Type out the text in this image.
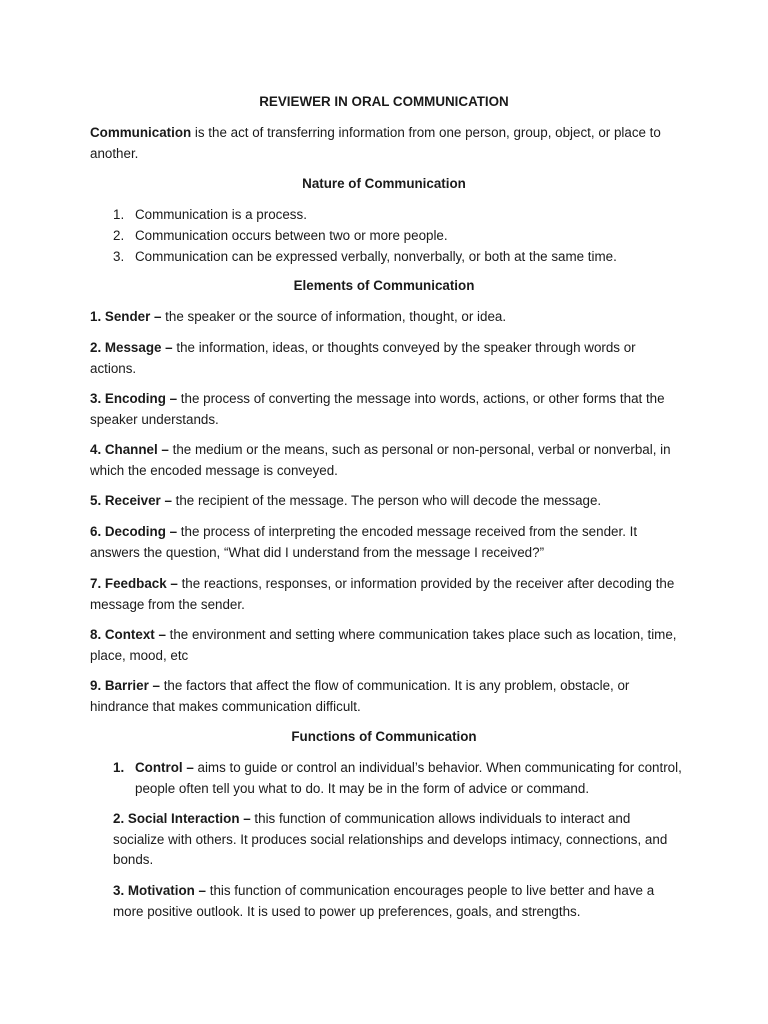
REVIEWER IN ORAL COMMUNICATION
Communication is the act of transferring information from one person, group, object, or place to another.
Nature of Communication
1. Communication is a process.
2. Communication occurs between two or more people.
3. Communication can be expressed verbally, nonverbally, or both at the same time.
Elements of Communication
1. Sender – the speaker or the source of information, thought, or idea.
2. Message – the information, ideas, or thoughts conveyed by the speaker through words or actions.
3. Encoding – the process of converting the message into words, actions, or other forms that the speaker understands.
4. Channel – the medium or the means, such as personal or non-personal, verbal or nonverbal, in which the encoded message is conveyed.
5. Receiver – the recipient of the message. The person who will decode the message.
6. Decoding – the process of interpreting the encoded message received from the sender. It answers the question, “What did I understand from the message I received?”
7. Feedback – the reactions, responses, or information provided by the receiver after decoding the message from the sender.
8. Context – the environment and setting where communication takes place such as location, time, place, mood, etc
9. Barrier – the factors that affect the flow of communication. It is any problem, obstacle, or hindrance that makes communication difficult.
Functions of Communication
1. Control – aims to guide or control an individual’s behavior. When communicating for control, people often tell you what to do. It may be in the form of advice or command.
2. Social Interaction – this function of communication allows individuals to interact and socialize with others. It produces social relationships and develops intimacy, connections, and bonds.
3. Motivation – this function of communication encourages people to live better and have a more positive outlook. It is used to power up preferences, goals, and strengths.
